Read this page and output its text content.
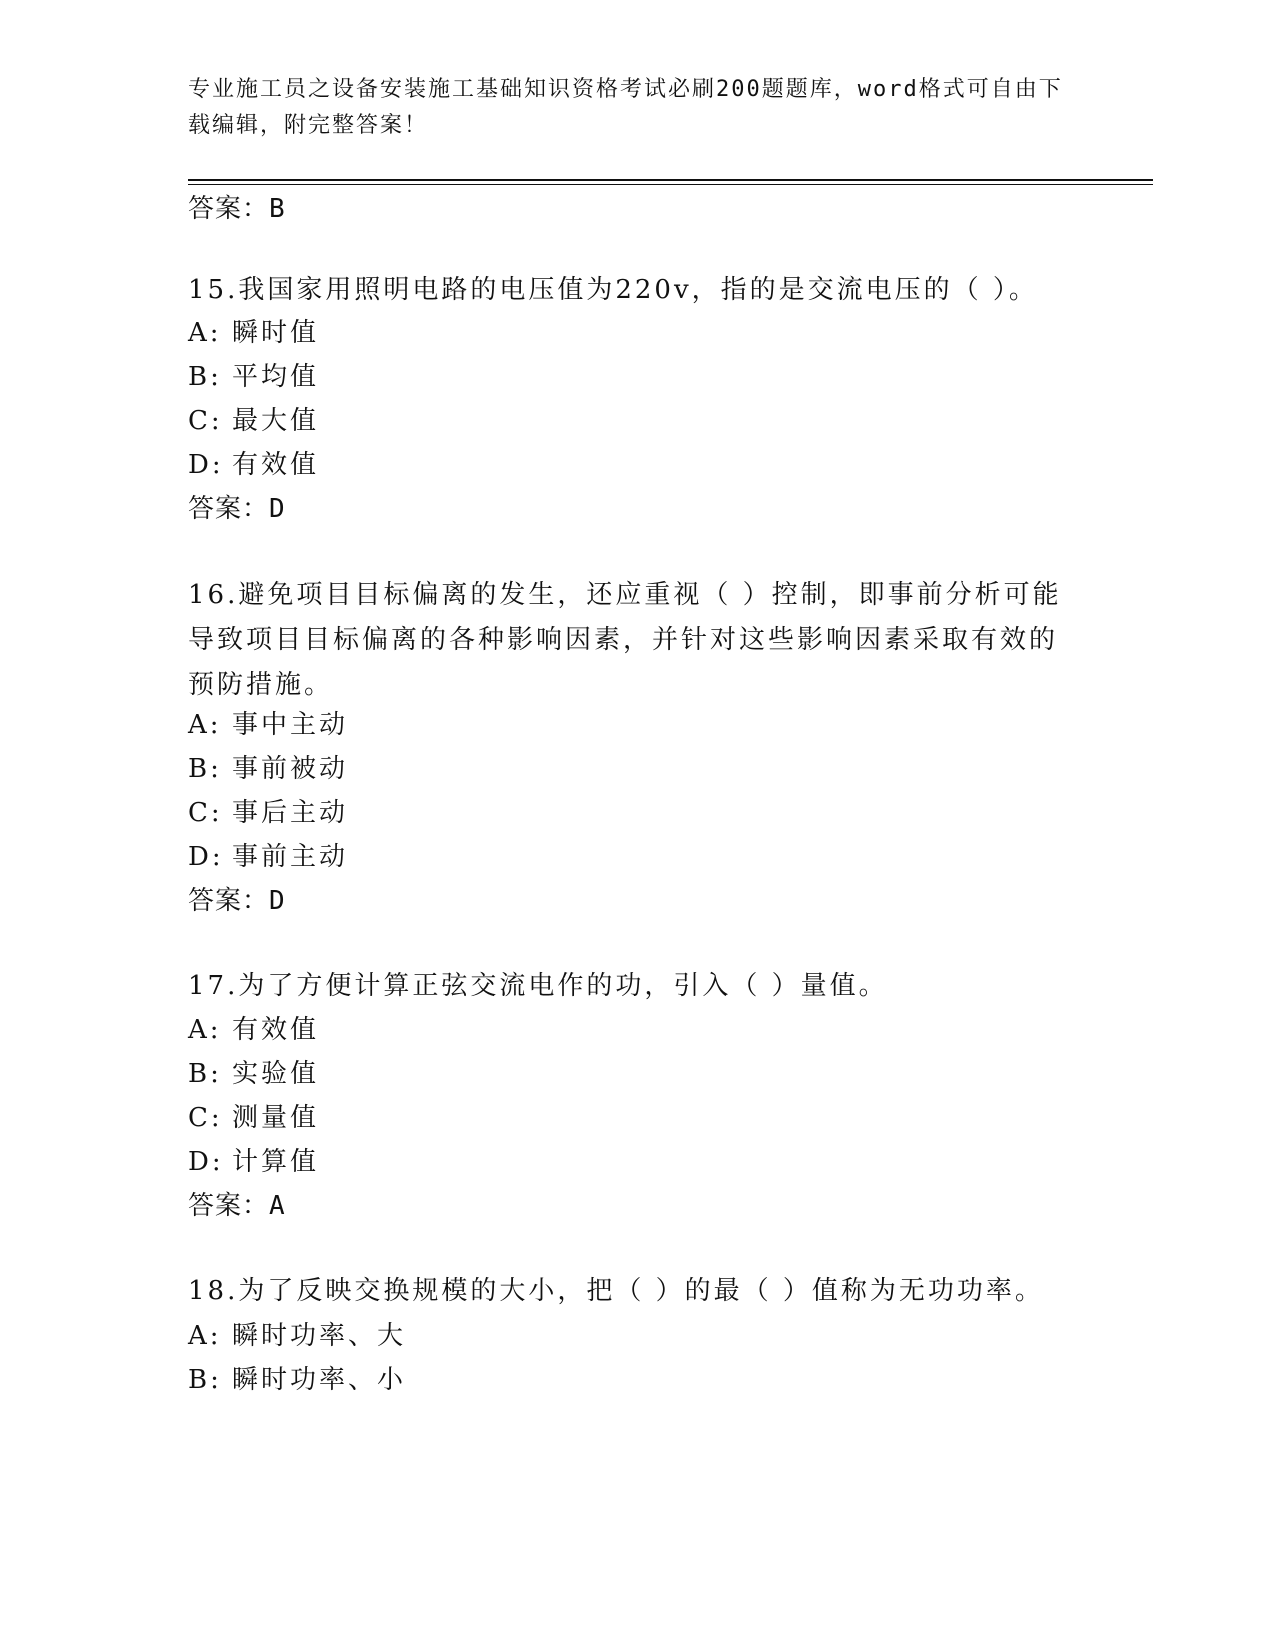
专业施工员之设备安装施工基础知识资格考试必刷200题题库，word格式可自由下载编辑，附完整答案！
答案：B
15.我国家用照明电路的电压值为220v，指的是交流电压的（ ）。
A: 瞬时值
B: 平均值
C: 最大值
D: 有效值
答案：D
16.避免项目目标偏离的发生，还应重视（ ）控制，即事前分析可能导致项目目标偏离的各种影响因素，并针对这些影响因素采取有效的预防措施。
A: 事中主动
B: 事前被动
C: 事后主动
D: 事前主动
答案：D
17.为了方便计算正弦交流电作的功，引入（ ）量值。
A: 有效值
B: 实验值
C: 测量值
D: 计算值
答案：A
18.为了反映交换规模的大小，把（ ）的最（ ）值称为无功功率。
A: 瞬时功率、大
B: 瞬时功率、小
